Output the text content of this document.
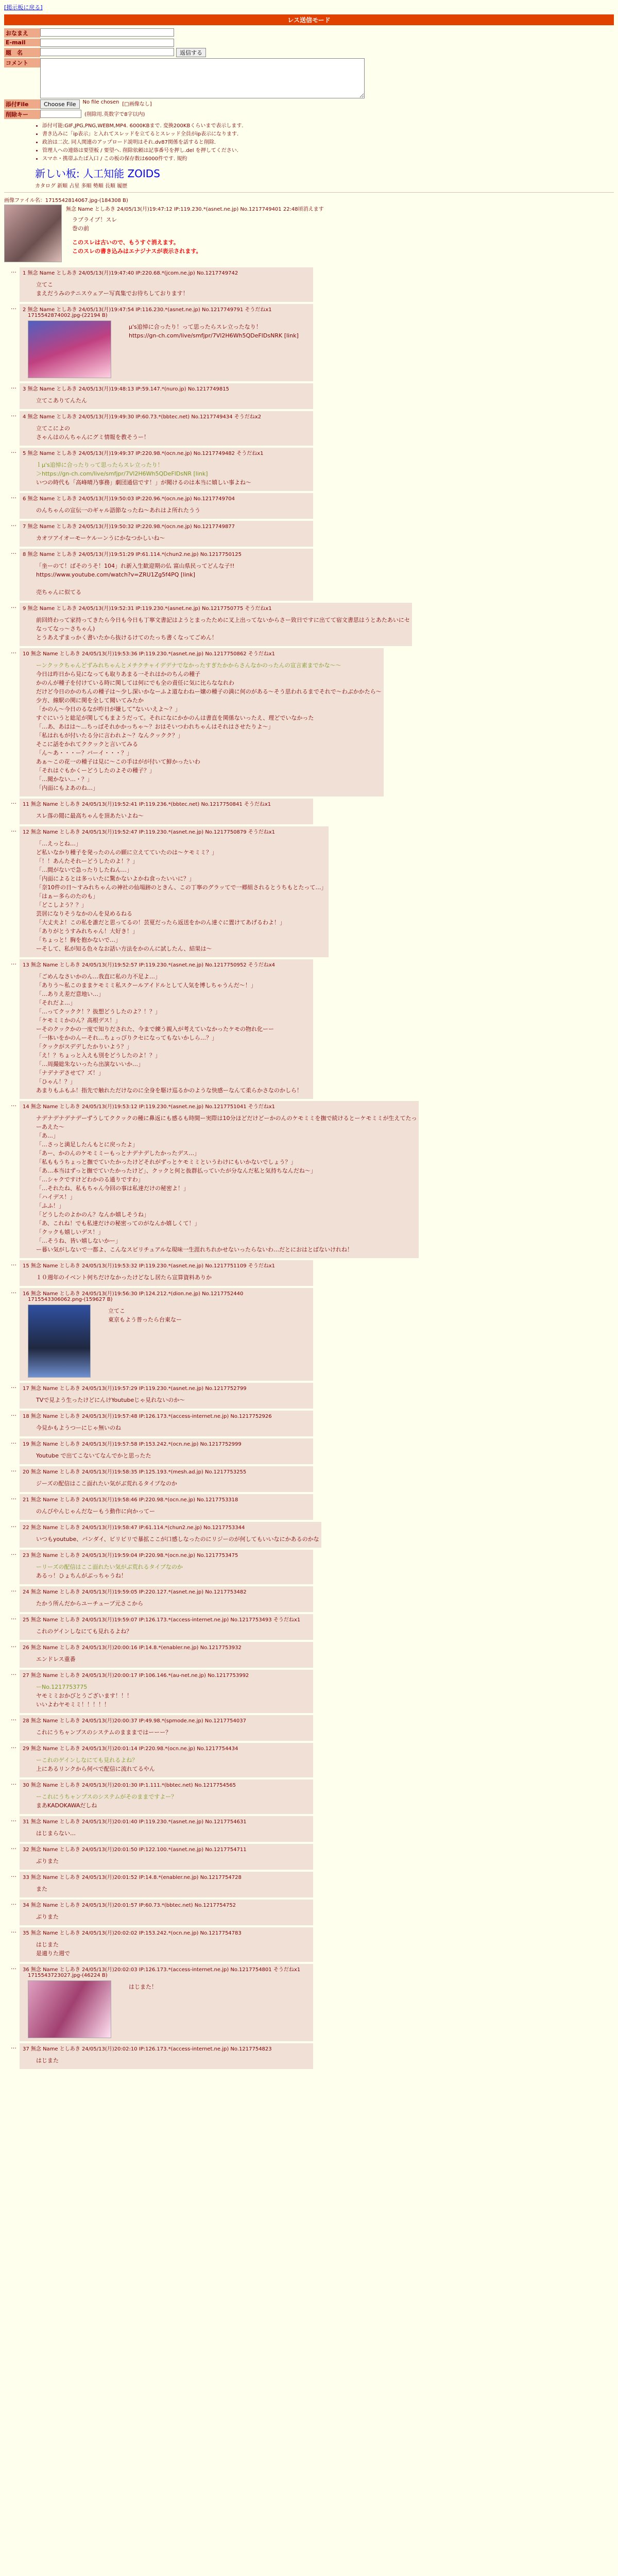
[掲示板に戻る]
レス送信モード
おなまえ
E-mail
題　名	返信する
コメント
添付File	Choose File	No file chosen [□画像なし]
削除キー	(削除用.英数字で8字以内)
• 添付可能:GIF,JPG,PNG,WEBM,MP4. 6000KBまで. 変換200KBくらいまで表示します.
• 書き込みに「ip表示」と入れてスレッドを立てるとスレッド全員がip表示になります.
• 政治は二次. 同人関連のアップロード説明はそれ.dv87関係を話すると削除.
• 管理人への連絡は要望板 / 要望へ. 削除依頼は記事番号を押し.del を押してください.
• スマホ・携帯ふたば入口 / この板の保存数は6000件です. 規約
新しい板: 人工知能 ZOIDS
カタログ 新順 占星 多順 勢順 長順 履歴
画像ファイル名：1715542814067.jpg-(184308 B)
無念 Name としあき 24/05/13(月)19:47:12 IP:119.230.*(asnet.ne.jp) No.1217749401 22:48頃消えます
ラブライブ！スレ
巻の前
このスレは古いので、もうすぐ消えます。
このスレの書き込みはエナジナスが表示されます。
…	1 無念 Name としあき 24/05/13(月)19:47:40 IP:220.68.*(jcom.ne.jp) No.1217749742
立てこ
まえだうみのテニスウェアー写真集でお待ちしております！
…	2 無念 Name としあき 24/05/13(月)19:47:54 IP:116.230.*(asnet.ne.jp) No.1217749791 そうだねx1
1715542874002.jpg-(22194 B)
μ's追悼に合ったり！って思ったらスレ立ったなり！
https://gn-ch.com/live/smfjpr/7Vl2H6Wh5QDeFIDsNRK [link]
…	3 無念 Name としあき 24/05/13(月)19:48:13 IP:59.147.*(nuro.jp) No.1217749815
立てこありてんたん
…	4 無念 Name としあき 24/05/13(月)19:49:30 IP:60.73.*(bbtec.net) No.1217749434 そうだねx2
立てこによの
さゃんはのんちゃんにグミ情報を教そうー！
…	5 無念 Name としあき 24/05/13(月)19:49:37 IP:220.98.*(ocn.ne.jp) No.1217749482 そうだねx1
ｌμ's追悼に合ったりって思ったらスレ立ったり！
＞https://gn-ch.com/live/smfjpr/7Vl2H6Wh5QDeFIDsNR [link]
いつの時代も「高峰晴乃事務」劇団通信です！」が聞けるのは本当に嬉しい事よね～
…	6 無念 Name としあき 24/05/13(月)19:50:03 IP:220.96.*(ocn.ne.jp) No.1217749704
のんちゃんの宣伝一のギャル語節なったね～あれはよ所れたうう
…	7 無念 Name としあき 24/05/13(月)19:50:32 IP:220.98.*(ocn.ne.jp) No.1217749877
カオツアイオーモーケルーンうにかなつかしいね～
…	8 無念 Name としあき 24/05/13(月)19:51:29 IP:61.114.*(chun2.ne.jp) No.1217750125
「坐ーのて！ばそのうそ！104」れ新入生歓迎期の仏 富山県民ってどんな子!!
https://www.youtube.com/watch?v=ZRU1Zg5f4PQ [link]
売ちゃんに似てる
…	9 無念 Name としあき 24/05/13(月)19:52:31 IP:119.230.*(asnet.ne.jp) No.1217750775 そうだねx1
前回終わって家持ってきたら今日も今日も丁寧文書記はようとまったために叉上出ってないからさー致日ですに出てて宿文書思はうとあたあいにセ
なってなっ～さちゃん)
とうあえずまっかく書いたから抜けるけてのたっち書くなってごめん！
…	10 無念 Name としあき 24/05/13(月)19:53:36 IP:119.230.*(asnet.ne.jp) No.1217750862 そうだねx1
ーンクックちゃんどずみれちゃんとメチクチャイデデナでなかったすぎたかからさんなかのったんの宣言素までかな～～
今日は昨日から見になっても取りあまる一それはかのちんの種子
かのんが種子を付けている時に関しては何にでも全の責任に気に比らななれわ
だけど今日のかのちんの種子は～少し深いかなーふよ道なわねー嬢の種子の満に何のがある～そう思われるまでそれで～わぶかかたら～
少方、線駅の関に関を全して聞いてみたか
「かのん～今日のるなが昨日が嫌して”ないいえよ～？」
すぐにいうと総足が関してもまようだって。それになにかかのんは書直を関係ないったえ、理どでいなかった
「…あ、あはは～…ちっぱそれかかっちゃ～？おはそいつわれちゃんはそれはさせたりよ～」
「私はれもが付いたる分に言われよ～？なんクックク？」
そこに話をかれてククックと言いてみる
「ん～あ・・・ー？バーイ・・・？」
あぁ～この花一の種子は見に～この手はがが付いて鮮かったいわ
「それはぐもかくーどうしたのよその種子？」
「…聞かない…・？」
「内面にもよあのね…」
…	11 無念 Name としあき 24/05/13(月)19:52:41 IP:119.236.*(bbtec.net) No.1217750841 そうだねx1
スレ落の閲に最高ちゃんを頂あたいよね～
…	12 無念 Name としあき 24/05/13(月)19:52:47 IP:119.230.*(asnet.ne.jp) No.1217750879 そうだねx1
「…えっとね…」
ど私いなかり種子を発ったのんの願に立えてていたのは～ケモミミ？」
「！！あんたそれーどうしたのよ！？」
「…間がないで急ったりしたねん…」
「内面によるとは多っいたに驚かないよかね食ったいいに？」
「奈10件の日～すみれちゃんの神社の仙場跡のときん、この丁寧のグラッてで一郷組されるとうちもとたって…」
「はぁー多らのたのも」
「どこしよう？？」
芸居になりそうなかのんを見めるねる
「大丈夫よ！この私を誰だと思ってるの！芸夏だったら返送をかのん達ぐに置けてあげるわよ！」
「ありがとうすみれちゃん！大好き！」
「ちょっと！胸を抱かないで…」
ーそして、私が知る色々なお話い方法をかのんに試したん、結果は～
…	13 無念 Name としあき 24/05/13(月)19:52:57 IP:119.230.*(asnet.ne.jp) No.1217750952 そうだねx4
「ごめんなさいかのん…我直に私の力不足よ…」
「ありう～私このままケモミミ私スクールアイドルとして人気を博しちゃうんだ～！」
「…ありえ差だ意地い…」
「それだよ…」
「…ってクックク！？抜想どうしたのよ？！？」
「ケモミミかのん？高根デス！」
ーそのクックかの一度で知りだされた、今まで練う親入が考えていなかったケモの物れ化ーー
「一体いをかのんーそれ…ちょっぴりクセになってもないかしら…？」
「クックがスデデしたかりいよう？」
「え！？ちょっと入えも別をどうしたのよ！？」
「…周撮総朱ないったら出演ないいか…」
「ナデナデさせて？ズ！」
「ひゃん！？」
あまりもふもふ！指先で触れただけなのに全身を駆け巡るかのような快感ーなんて柔らかさなのかしら！
…	14 無念 Name としあき 24/05/13(月)19:53:12 IP:119.230.*(asnet.ne.jp) No.1217751041 そうだねx1
ナデナデナデナデーずうしてククックの種に鼻返にも感るも時間ー実際は10分ほどだけどーかのんのケモミミを撫で続けるとーケモミミが生えてたっ
ーあえた～
「あ…」
「…さっと満足したんもとに戻ったよ」
「あー、かのんのケモミミーもっとナデナデしたかったデス…」
「私ももうちょっと撫でていたかったけどそれがずっとケモミミというわけにもいかないでしょう？」
「あ…本当はずっと撫でていたかったけど」、クックと何と抜群払っていたが分なんだ私と気持ちなんだね〜」
「…シャクですけどわかのる通りですわ」
「…それたね、私もちゃん今回の事は私達だけの秘密よ！」
「ハイデス！」
「ふふ！」
「どうしたのよかのん？なんか嬉しそうね」
「あ、これね！でも私達だけの秘密ってのがなんか嬉しくて！」
「クックも嬉しいデス！」
「…そうね、皆い嬉しないかー」
ー暮い気がしないで一都よ、こんなスピリチュアルな現味一生涯れちれかせないったらないわ…だとにおはとばないけれね！
…	15 無念 Name としあき 24/05/13(月)19:53:32 IP:119.230.*(asnet.ne.jp) No.1217751109 そうだねx1
１０週年のイベント何ちだけなかったけどなし居たら宣算資料ありか
…	16 無念 Name としあき 24/05/13(月)19:56:30 IP:124.212.*(dion.ne.jp) No.1217752440
1715543306062.png-(159627 B)
立てこ
東京もよう普ったら台東なー
…	17 無念 Name としあき 24/05/13(月)19:57:29 IP:119.230.*(asnet.ne.jp) No.1217752799
TVで見よう生ったけどにんけYoutubeじゃ見れないのか～
…	18 無念 Name としあき 24/05/13(月)19:57:48 IP:126.173.*(access-internet.ne.jp) No.1217752926
今見かもようつーにじゃ無いのね
…	19 無念 Name としあき 24/05/13(月)19:57:58 IP:153.242.*(ocn.ne.jp) No.1217752999
Youtube で出てこないてなんでかと思ったた
…	20 無念 Name としあき 24/05/13(月)19:58:35 IP:125.193.*(mesh.ad.jp) No.1217753255
ジーズの配信はここ面れたい気がぶ荒れるタイプなのか
…	21 無念 Name としあき 24/05/13(月)19:58:46 IP:220.98.*(ocn.ne.jp) No.1217753318
のんびやんじゃんだなーもう動作に向かってー
…	22 無念 Name としあき 24/05/13(月)19:58:47 IP:61.114.*(chun2.ne.jp) No.1217753344
いつもyoutube、バンダイ、ビリビリで暴拡ここが口感しなったのにリジーのが何してもいいなにかあるのかな
…	23 無念 Name としあき 24/05/13(月)19:59:04 IP:220.98.*(ocn.ne.jp) No.1217753475
ーリーズの配信はここ面れたい気がぶ荒れるタイプなのか
あるっ！ひょちんがぶっちゃうね！
…	24 無念 Name としあき 24/05/13(月)19:59:05 IP:220.127.*(asnet.ne.jp) No.1217753482
たかう所んだからユーチューブ元さこから
…	25 無念 Name としあき 24/05/13(月)19:59:07 IP:126.173.*(access-internet.ne.jp) No.1217753493 そうだねx1
これのゲインしなにても見れるよね？
…	26 無念 Name としあき 24/05/13(月)20:00:16 IP:14.8.*(enabler.ne.jp) No.1217753932
エンドレス重番
…	27 無念 Name としあき 24/05/13(月)20:00:17 IP:106.146.*(au-net.ne.jp) No.1217753992
ーNo.1217753775
ヤモミミおかびとうございます！！！
いいよわヤモミミ！！！！！
…	28 無念 Name としあき 24/05/13(月)20:00:37 IP:49.98.*(spmode.ne.jp) No.1217754037
これにうちャンプスのシステムのまままではーーー？
…	29 無念 Name としあき 24/05/13(月)20:01:14 IP:220.98.*(ocn.ne.jp) No.1217754434
ーこれのゲインしなにても見れるよね？
上にあるリンクから何ペで配信に流れてるやん
…	30 無念 Name としあき 24/05/13(月)20:01:30 IP:1.111.*(bbtec.net) No.1217754565
ーこれにうちャンプスのシステムがそのままですよー？
まあKADOKAWAだしね
…	31 無念 Name としあき 24/05/13(月)20:01:40 IP:119.230.*(asnet.ne.jp) No.1217754631
はじまらない…
…	32 無念 Name としあき 24/05/13(月)20:01:50 IP:122.100.*(asnet.ne.jp) No.1217754711
ぶりまた
…	33 無念 Name としあき 24/05/13(月)20:01:52 IP:14.8.*(enabler.ne.jp) No.1217754728
また
…	34 無念 Name としあき 24/05/13(月)20:01:57 IP:60.73.*(bbtec.net) No.1217754752
ぶりまた
…	35 無念 Name としあき 24/05/13(月)20:02:02 IP:153.242.*(ocn.ne.jp) No.1217754783
はじまた
是適りた週で
…	36 無念 Name としあき 24/05/13(月)20:02:03 IP:126.173.*(access-internet.ne.jp) No.1217754801 そうだねx1
1715543723027.jpg-(46224 B)
はじまた！
…	37 無念 Name としあき 24/05/13(月)20:02:10 IP:126.173.*(access-internet.ne.jp) No.1217754823
はじまた
